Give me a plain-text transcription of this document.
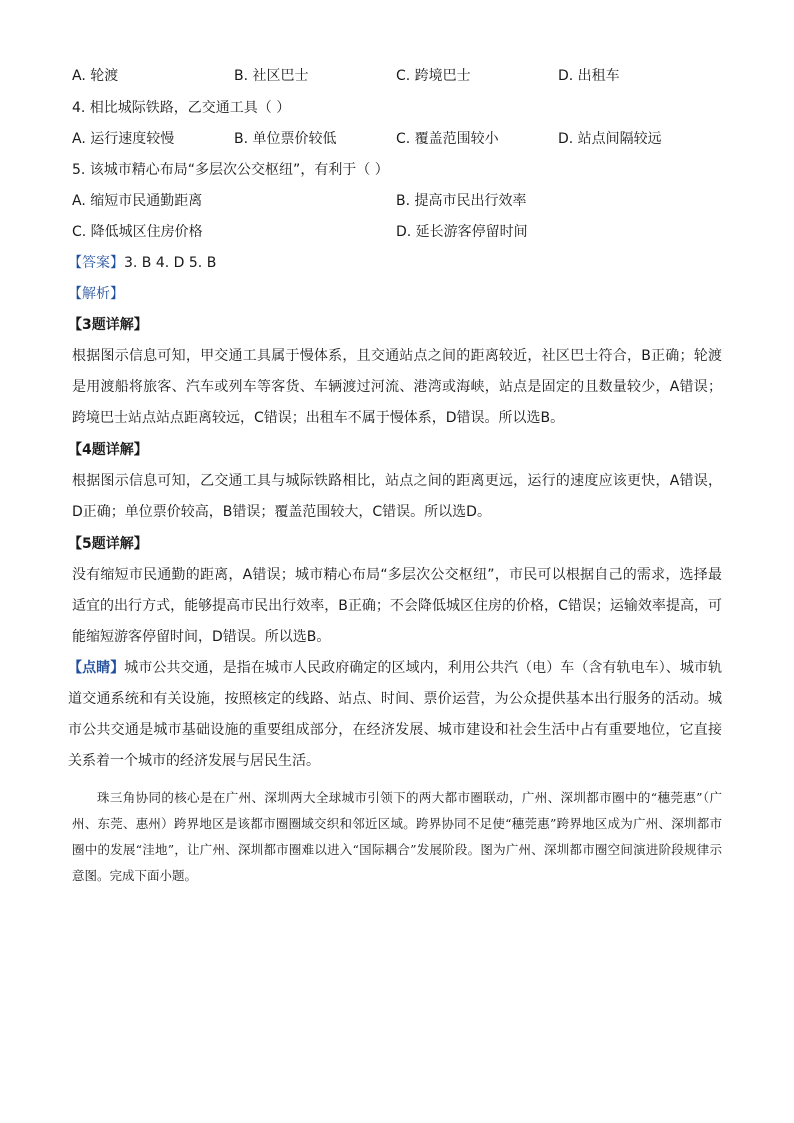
A. 轮渡	B. 社区巴士	C. 跨境巴士	D. 出租车
4. 相比城际铁路，乙交通工具（ ）
A. 运行速度较慢	B. 单位票价较低	C. 覆盖范围较小	D. 站点间隔较远
5. 该城市精心布局“多层次公交枢纽”，有利于（ ）
A. 缩短市民通勤距离	B. 提高市民出行效率
C. 降低城区住房价格	D. 延长游客停留时间
【答案】3. B 4. D 5. B
【解析】
【3题详解】
根据图示信息可知，甲交通工具属于慢体系，且交通站点之间的距离较近，社区巴士符合，B正确；轮渡是用渡船将旅客、汽车或列车等客货、车辆渡过河流、港湾或海峡，站点是固定的且数量较少，A错误；跨境巴士站点站点距离较远，C错误；出租车不属于慢体系，D错误。所以选B。
【4题详解】
根据图示信息可知，乙交通工具与城际铁路相比，站点之间的距离更远，运行的速度应该更快，A错误，D正确；单位票价较高，B错误；覆盖范围较大，C错误。所以选D。
【5题详解】
没有缩短市民通勤的距离，A错误；城市精心布局“多层次公交枢纽”，市民可以根据自己的需求，选择最适宜的出行方式，能够提高市民出行效率，B正确；不会降低城区住房的价格，C错误；运输效率提高，可能缩短游客停留时间，D错误。所以选B。
【点睛】城市公共交通，是指在城市人民政府确定的区域内，利用公共汽（电）车（含有轨电车）、城市轨道交通系统和有关设施，按照核定的线路、站点、时间、票价运营，为公众提供基本出行服务的活动。城市公共交通是城市基础设施的重要组成部分，在经济发展、城市建设和社会生活中占有重要地位，它直接关系着一个城市的经济发展与居民生活。
珠三角协同的核心是在广州、深圳两大全球城市引领下的两大都市圈联动，广州、深圳都市圈中的“穗莞惠”（广州、东莞、惠州）跨界地区是该都市圈圈域交织和邻近区域。跨界协同不足使“穗莞惠”跨界地区成为广州、深圳都市圈中的发展“洼地”，让广州、深圳都市圈难以进入“国际耦合”发展阶段。图为广州、深圳都市圈空间演进阶段规律示意图。完成下面小题。
